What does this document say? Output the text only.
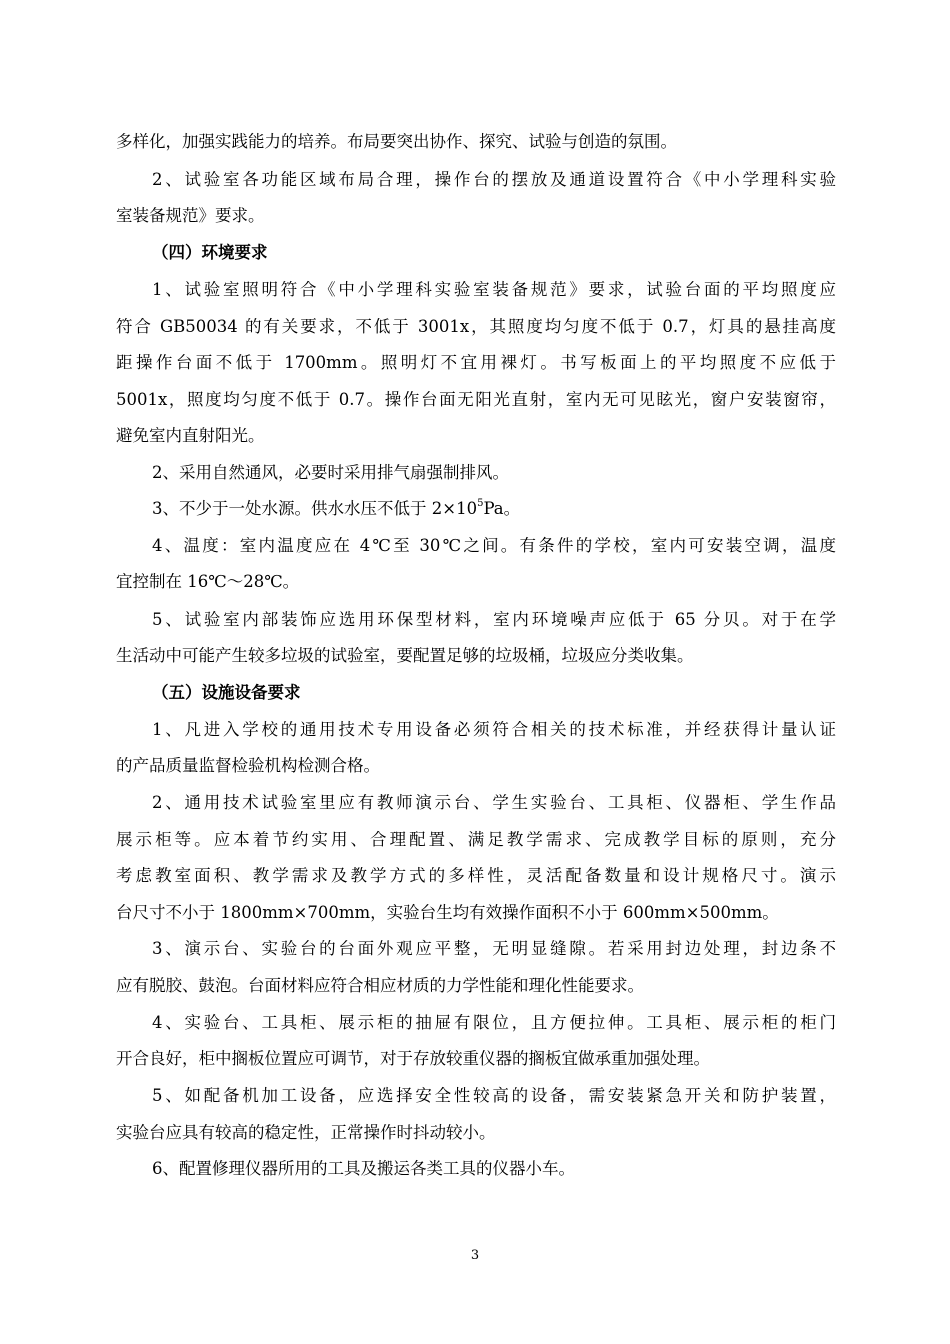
多样化，加强实践能力的培养。布局要突出协作、探究、试验与创造的氛围。
2、试验室各功能区域布局合理，操作台的摆放及通道设置符合《中小学理科实验
室装备规范》要求。
（四）环境要求
1、试验室照明符合《中小学理科实验室装备规范》要求，试验台面的平均照度应
符合 GB50034 的有关要求，不低于 3001x，其照度均匀度不低于 0.7，灯具的悬挂高度
距操作台面不低于 1700mm。照明灯不宜用裸灯。书写板面上的平均照度不应低于
5001x，照度均匀度不低于 0.7。操作台面无阳光直射，室内无可见眩光，窗户安装窗帘，
避免室内直射阳光。
2、采用自然通风，必要时采用排气扇强制排风。
3、不少于一处水源。供水水压不低于 $2\times 10^5Pa$。
4、温度：室内温度应在 4℃至 30℃之间。有条件的学校，室内可安装空调，温度
宜控制在 16℃～28℃。
5、试验室内部装饰应选用环保型材料，室内环境噪声应低于 65 分贝。对于在学
生活动中可能产生较多垃圾的试验室，要配置足够的垃圾桶，垃圾应分类收集。
（五）设施设备要求
1、凡进入学校的通用技术专用设备必须符合相关的技术标准，并经获得计量认证
的产品质量监督检验机构检测合格。
2、通用技术试验室里应有教师演示台、学生实验台、工具柜、仪器柜、学生作品
展示柜等。应本着节约实用、合理配置、满足教学需求、完成教学目标的原则，充分
考虑教室面积、教学需求及教学方式的多样性，灵活配备数量和设计规格尺寸。演示
台尺寸不小于 1800mm×700mm，实验台生均有效操作面积不小于 600mm×500mm。
3、演示台、实验台的台面外观应平整，无明显缝隙。若采用封边处理，封边条不
应有脱胶、鼓泡。台面材料应符合相应材质的力学性能和理化性能要求。
4、实验台、工具柜、展示柜的抽屉有限位，且方便拉伸。工具柜、展示柜的柜门
开合良好，柜中搁板位置应可调节，对于存放较重仪器的搁板宜做承重加强处理。
5、如配备机加工设备，应选择安全性较高的设备，需安装紧急开关和防护装置，
实验台应具有较高的稳定性，正常操作时抖动较小。
6、配置修理仪器所用的工具及搬运各类工具的仪器小车。
3
